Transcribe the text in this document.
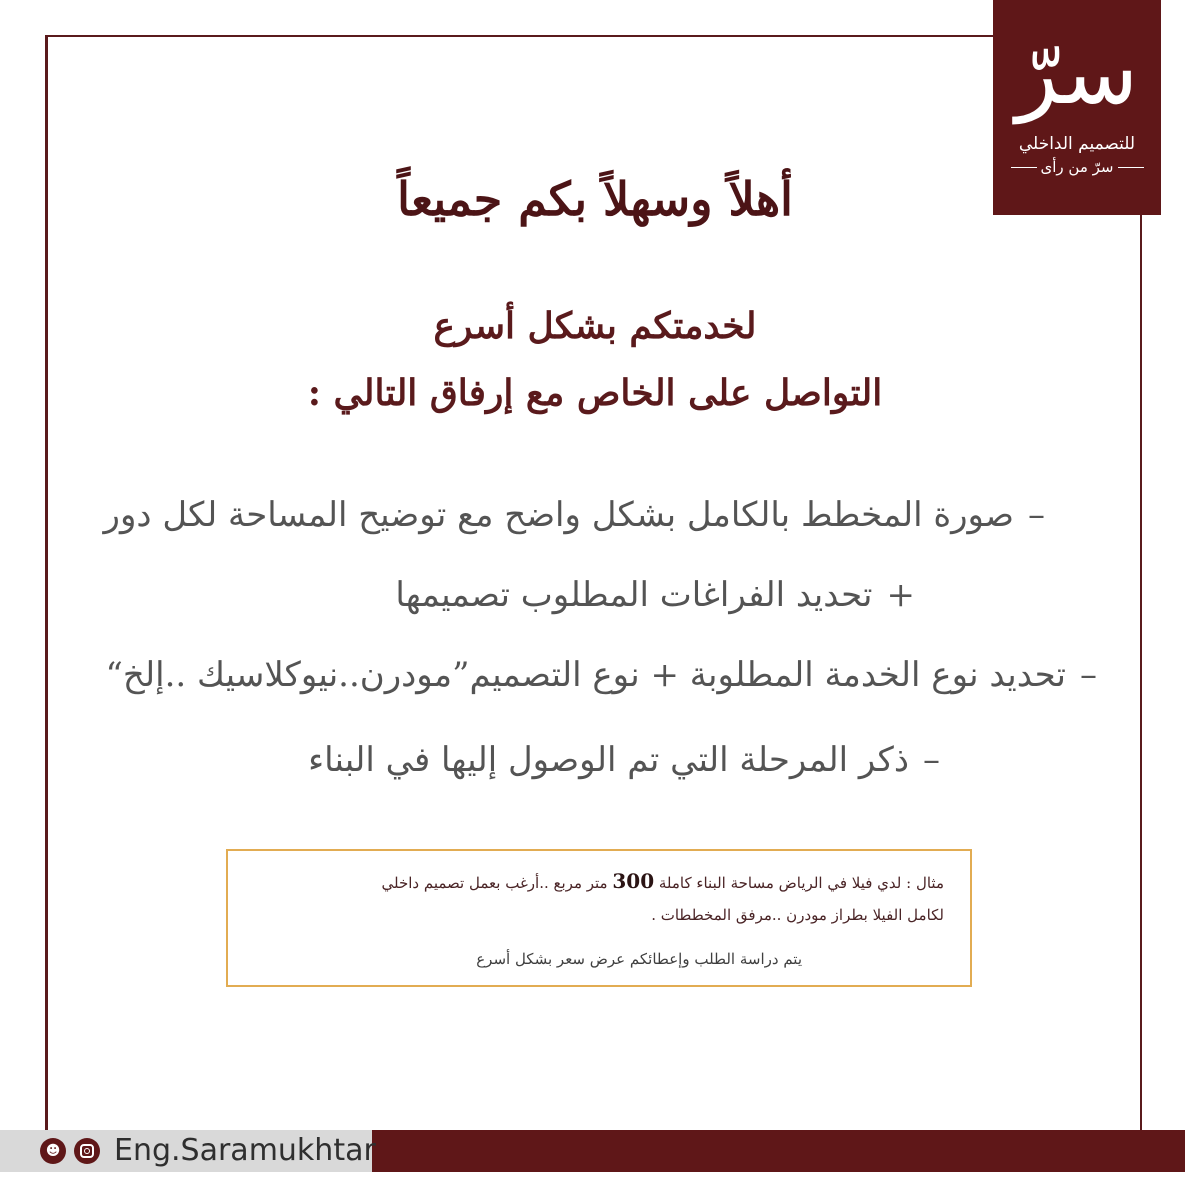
سرّ
للتصميم الداخلي
سرّ من رأى
أهلاً وسهلاً بكم جميعاً
لخدمتكم بشكل أسرع
التواصل على الخاص مع إرفاق التالي :
–صورة المخطط بالكامل بشكل واضح مع توضيح المساحة لكل دور
+تحديد الفراغات المطلوب تصميمها
–تحديد نوع الخدمة المطلوبة + نوع التصميم”مودرن..نيوكلاسيك ..إلخ“
–ذكر المرحلة التي تم الوصول إليها في البناء

مثال : لدي فيلا في الرياض مساحة البناء كاملة 300 متر مربع ..أرغب بعمل تصميم داخلي

لكامل الفيلا بطراز مودرن ..مرفق المخططات .

يتم دراسة الطلب وإعطائكم عرض سعر بشكل أسرع

☻ Eng.Saramukhtar
